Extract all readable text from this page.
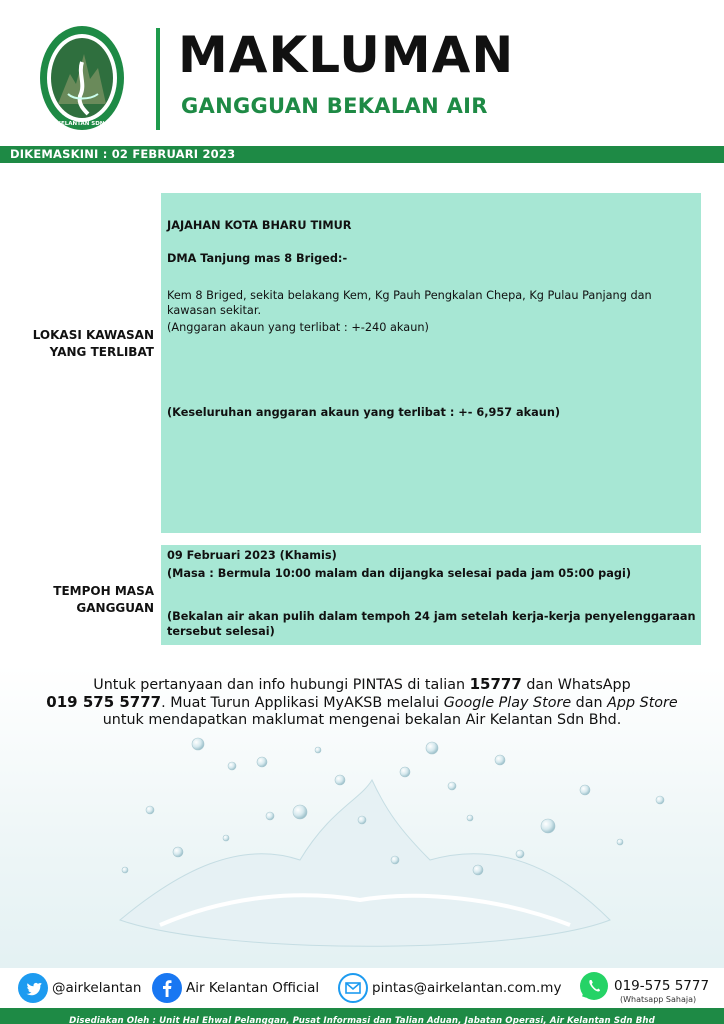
AIR KELANTAN SDN BHD
MAKLUMAN
GANGGUAN BEKALAN AIR
DIKEMASKINI : 02 FEBRUARI 2023
LOKASI KAWASAN
YANG TERLIBAT
JAJAHAN KOTA BHARU TIMUR
DMA Tanjung mas 8 Briged:-
Kem 8 Briged, sekita belakang Kem, Kg Pauh Pengkalan Chepa, Kg Pulau Panjang dan kawasan sekitar.
(Anggaran akaun yang terlibat : +-240 akaun)
(Keseluruhan anggaran akaun yang terlibat : +- 6,957 akaun)
TEMPOH MASA
GANGGUAN
09 Februari 2023 (Khamis)
(Masa : Bermula 10:00 malam dan dijangka selesai pada jam 05:00 pagi)
(Bekalan air akan pulih dalam tempoh 24 jam setelah kerja-kerja penyelenggaraan tersebut selesai)
Untuk pertanyaan dan info hubungi PINTAS di talian 15777 dan WhatsApp
019 575 5777. Muat Turun Applikasi MyAKSB melalui Google Play Store dan App Store
untuk mendapatkan maklumat mengenai bekalan Air Kelantan Sdn Bhd.
@airkelantan	Air Kelantan Official	pintas@airkelantan.com.my	019-575 5777
(Whatsapp Sahaja)
Disediakan Oleh : Unit Hal Ehwal Pelanggan, Pusat Informasi dan Talian Aduan, Jabatan Operasi, Air Kelantan Sdn Bhd
